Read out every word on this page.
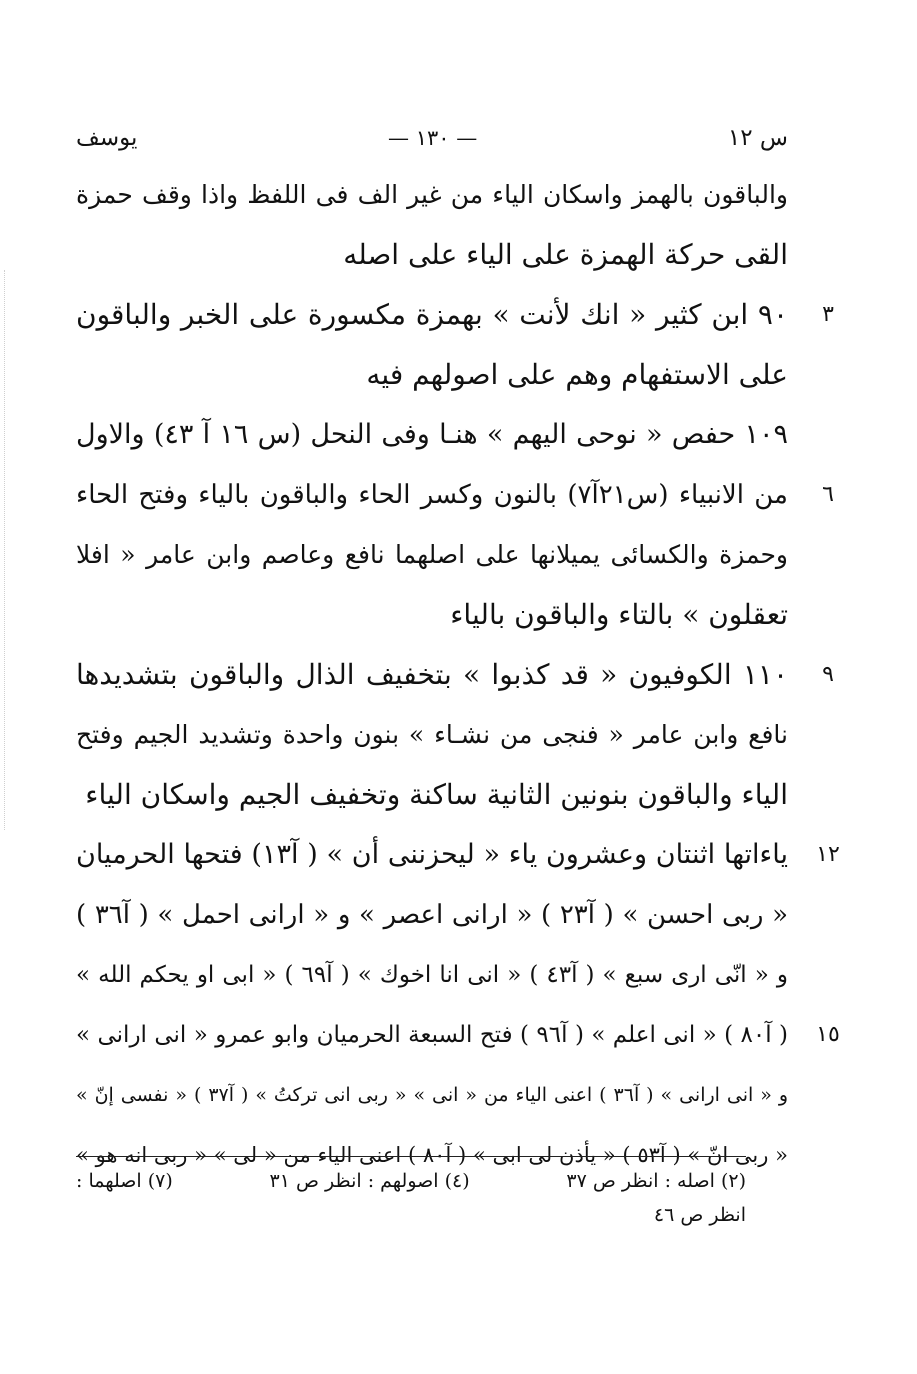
س ١٢
— ١٣٠ —
يوسف
والباقون بالهمز واسكان الياء من غير الف فى اللفظ واذا وقف حمزة
القى حركة الهمزة على الياء على اصله
٣
٩٠ ابن كثير « انك لأنت » بهمزة مكسورة على الخبر والباقون
على الاستفهام وهم على اصولهم فيه
١٠٩ حفص « نوحى اليهم » هنـا وفى النحل (س ١٦ آ ٤٣) والاول
٦
من الانبياء (س٢١آ٧) بالنون وكسر الحاء والباقون بالياء وفتح الحاء
وحمزة والكسائى يميلانها على اصلهما نافع وعاصم وابن عامر « افلا
تعقلون » بالتاء والباقون بالياء
٩
١١٠ الكوفيون « قد كذبوا » بتخفيف الذال والباقون بتشديدها
نافع وابن عامر « فنجى من نشـاء » بنون واحدة وتشديد الجيم وفتح
الياء والباقون بنونين الثانية ساكنة وتخفيف الجيم واسكان الياء
١٢
ياءاتها اثنتان وعشرون ياء « ليحزننى أن » ( آ١٣) فتحها الحرميان
« ربى احسن » ( آ٢٣ ) « ارانى اعصر » و « ارانى احمل » ( آ٣٦ )
و « انّى ارى سبع » ( آ٤٣ ) « انى انا اخوك » ( آ٦٩ ) « ابى او يحكم الله »
١٥
( آ٨٠ ) « انى اعلم » ( آ٩٦ ) فتح السبعة الحرميان وابو عمرو « انى ارانى »
و « انى ارانى » ( آ٣٦ ) اعنى الياء من « انى » « ربى انى تركتُ » ( آ٣٧ ) « نفسى إنّ »
« ربى انّ » ( آ٥٣ ) « يأذن لى ابى » ( آ٨٠ ) اعنى الياء من « لى » « ربى انه هو »
(٢) اصله : انظر ص ٣٧
(٤) اصولهم : انظر ص ٣١
(٧) اصلهما :
انظر ص ٤٦
